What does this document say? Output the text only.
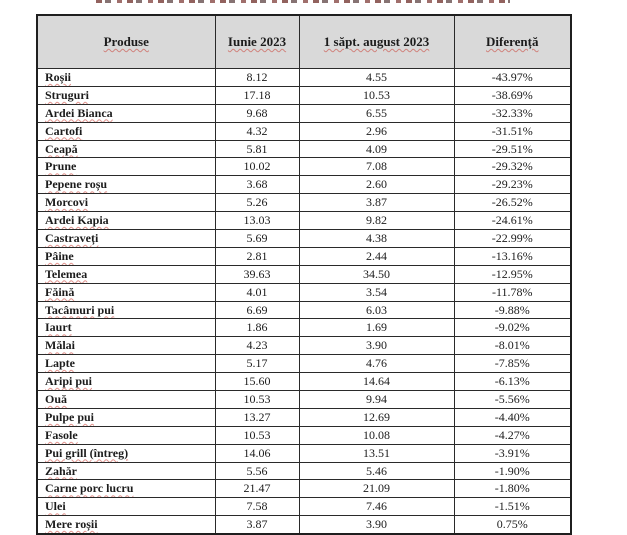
Produse	Iunie 2023	1 săpt. august 2023	Diferență
Roșii	8.12	4.55	-43.97%
Struguri	17.18	10.53	-38.69%
Ardei Bianca	9.68	6.55	-32.33%
Cartofi	4.32	2.96	-31.51%
Ceapă	5.81	4.09	-29.51%
Prune	10.02	7.08	-29.32%
Pepene roșu	3.68	2.60	-29.23%
Morcovi	5.26	3.87	-26.52%
Ardei Kapia	13.03	9.82	-24.61%
Castraveți	5.69	4.38	-22.99%
Pâine	2.81	2.44	-13.16%
Telemea	39.63	34.50	-12.95%
Făină	4.01	3.54	-11.78%
Tacâmuri pui	6.69	6.03	-9.88%
Iaurt	1.86	1.69	-9.02%
Mălai	4.23	3.90	-8.01%
Lapte	5.17	4.76	-7.85%
Aripi pui	15.60	14.64	-6.13%
Ouă	10.53	9.94	-5.56%
Pulpe pui	13.27	12.69	-4.40%
Fasole	10.53	10.08	-4.27%
Pui grill (întreg)	14.06	13.51	-3.91%
Zahăr	5.56	5.46	-1.90%
Carne porc lucru	21.47	21.09	-1.80%
Ulei	7.58	7.46	-1.51%
Mere roșii	3.87	3.90	0.75%
